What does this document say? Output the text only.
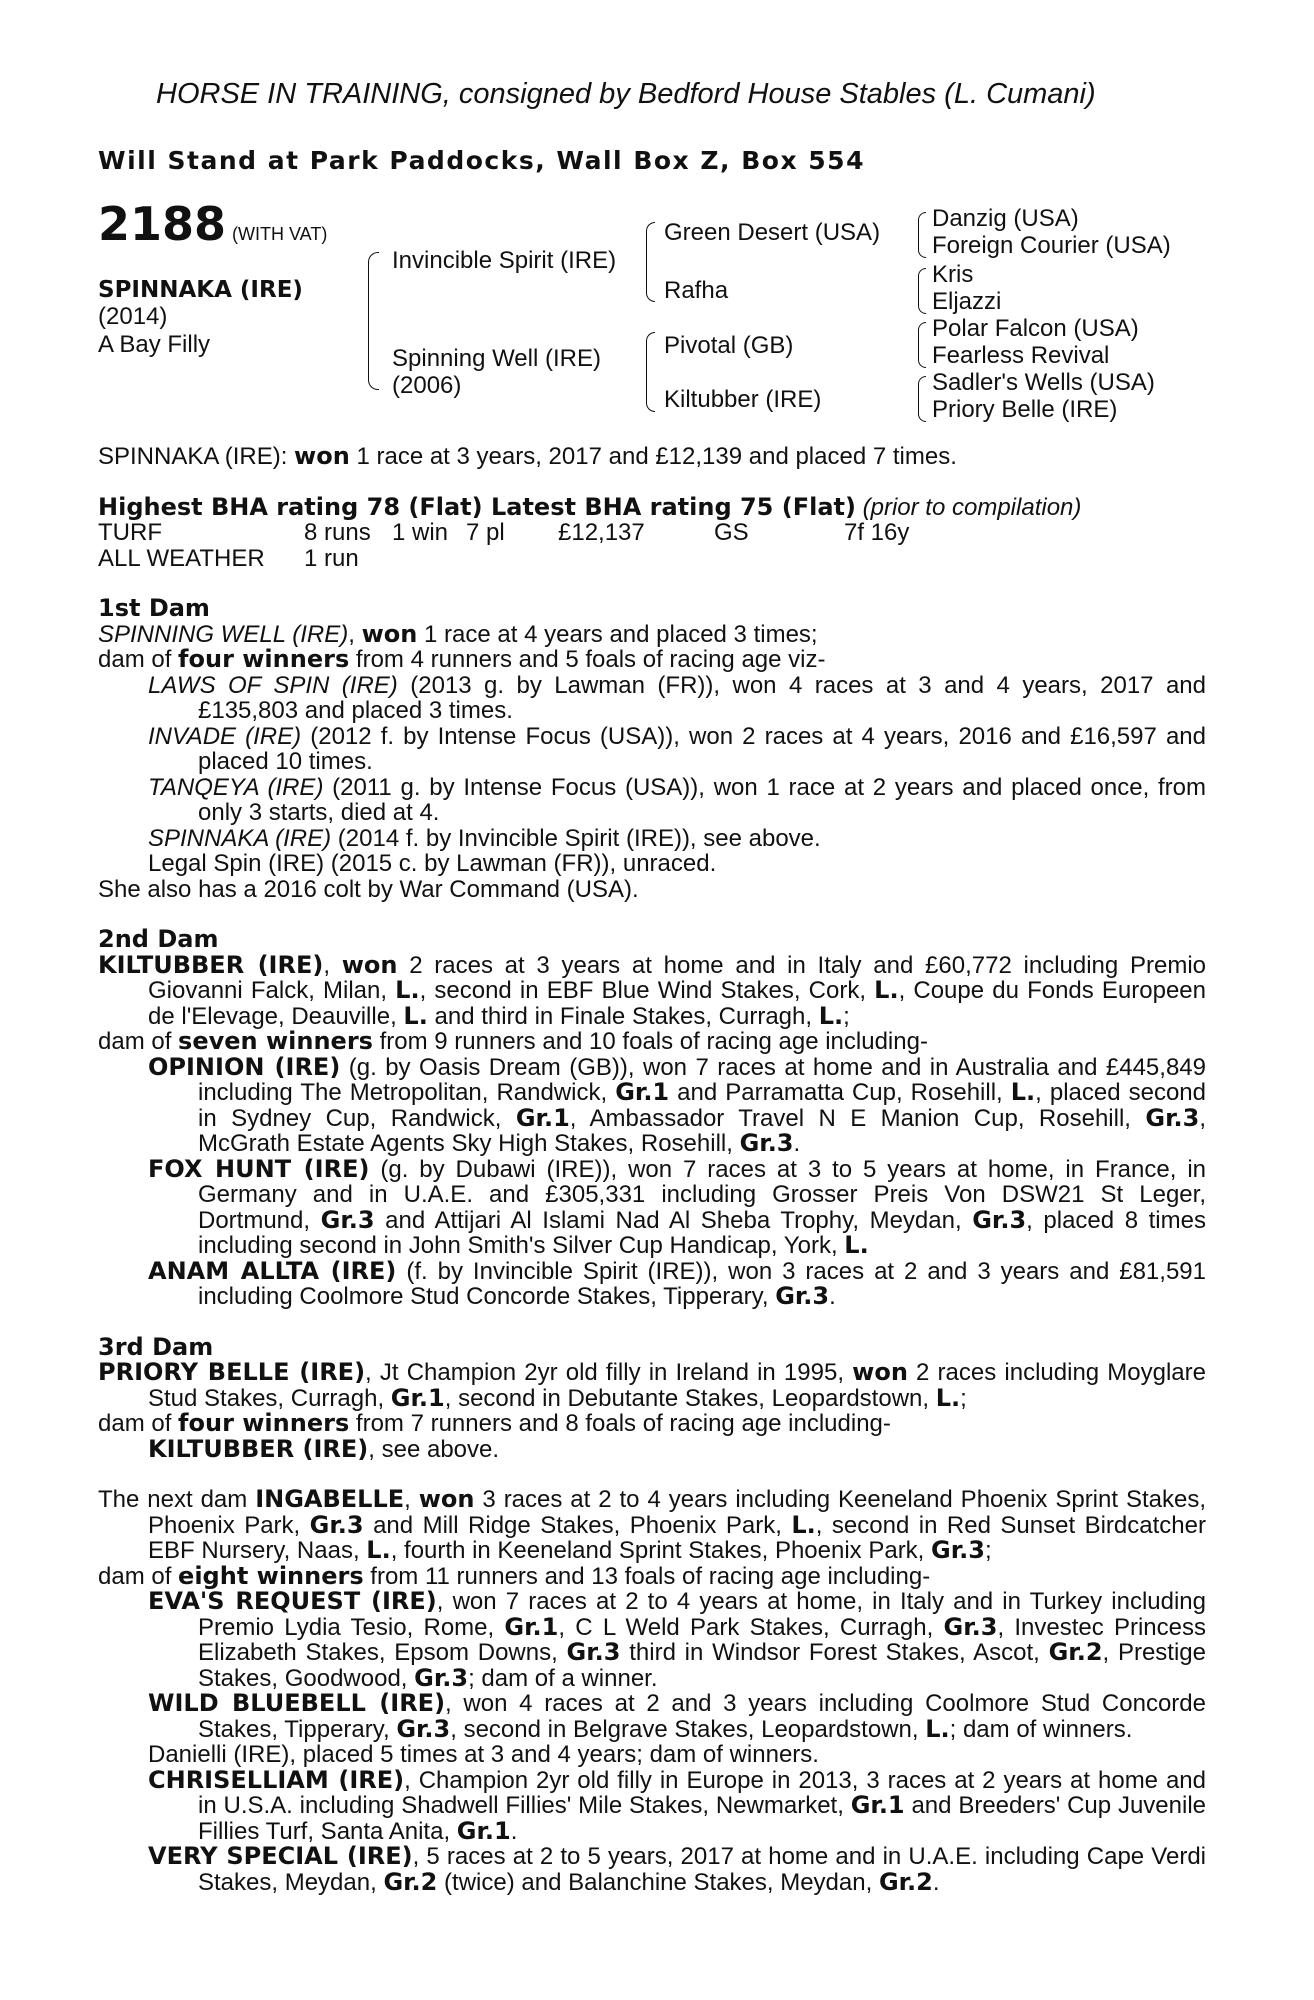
HORSE IN TRAINING, consigned by Bedford House Stables (L. Cumani)
Will Stand at Park Paddocks, Wall Box Z, Box 554
2188 (WITH VAT)
SPINNAKA (IRE)
(2014)
A Bay Filly
Invincible Spirit (IRE)
Spinning Well (IRE)
(2006)
Green Desert (USA)
Rafha
Pivotal (GB)
Kiltubber (IRE)
Danzig (USA)
Foreign Courier (USA)
Kris
Eljazzi
Polar Falcon (USA)
Fearless Revival
Sadler's Wells (USA)
Priory Belle (IRE)

SPINNAKA (IRE): won 1 race at 3 years, 2017 and £12,139 and placed 7 times.

Highest BHA rating 78 (Flat) Latest BHA rating 75 (Flat) (prior to compilation)

TURF	8 runs 1 win 7 pl £12,137	GS	7f 16y

ALL WEATHER 1 run

1st Dam

SPINNING WELL (IRE), won 1 race at 4 years and placed 3 times;

dam of four winners from 4 runners and 5 foals of racing age viz-

LAWS OF SPIN (IRE) (2013 g. by Lawman (FR)), won 4 races at 3 and 4 years, 2017 and £135,803 and placed 3 times.

INVADE (IRE) (2012 f. by Intense Focus (USA)), won 2 races at 4 years, 2016 and £16,597 and placed 10 times.

TANQEYA (IRE) (2011 g. by Intense Focus (USA)), won 1 race at 2 years and placed once, from only 3 starts, died at 4.

SPINNAKA (IRE) (2014 f. by Invincible Spirit (IRE)), see above.

Legal Spin (IRE) (2015 c. by Lawman (FR)), unraced.

She also has a 2016 colt by War Command (USA).

2nd Dam

KILTUBBER (IRE), won 2 races at 3 years at home and in Italy and £60,772 including Premio Giovanni Falck, Milan, L., second in EBF Blue Wind Stakes, Cork, L., Coupe du Fonds Europeen de l'Elevage, Deauville, L. and third in Finale Stakes, Curragh, L.;

dam of seven winners from 9 runners and 10 foals of racing age including-

OPINION (IRE) (g. by Oasis Dream (GB)), won 7 races at home and in Australia and £445,849 including The Metropolitan, Randwick, Gr.1 and Parramatta Cup, Rosehill, L., placed second in Sydney Cup, Randwick, Gr.1, Ambassador Travel N E Manion Cup, Rosehill, Gr.3, McGrath Estate Agents Sky High Stakes, Rosehill, Gr.3.

FOX HUNT (IRE) (g. by Dubawi (IRE)), won 7 races at 3 to 5 years at home, in France, in Germany and in U.A.E. and £305,331 including Grosser Preis Von DSW21 St Leger, Dortmund, Gr.3 and Attijari Al Islami Nad Al Sheba Trophy, Meydan, Gr.3, placed 8 times including second in John Smith's Silver Cup Handicap, York, L.

ANAM ALLTA (IRE) (f. by Invincible Spirit (IRE)), won 3 races at 2 and 3 years and £81,591 including Coolmore Stud Concorde Stakes, Tipperary, Gr.3.

3rd Dam

PRIORY BELLE (IRE), Jt Champion 2yr old filly in Ireland in 1995, won 2 races including Moyglare Stud Stakes, Curragh, Gr.1, second in Debutante Stakes, Leopardstown, L.;

dam of four winners from 7 runners and 8 foals of racing age including-

KILTUBBER (IRE), see above.

The next dam INGABELLE, won 3 races at 2 to 4 years including Keeneland Phoenix Sprint Stakes, Phoenix Park, Gr.3 and Mill Ridge Stakes, Phoenix Park, L., second in Red Sunset Birdcatcher EBF Nursery, Naas, L., fourth in Keeneland Sprint Stakes, Phoenix Park, Gr.3;

dam of eight winners from 11 runners and 13 foals of racing age including-

EVA'S REQUEST (IRE), won 7 races at 2 to 4 years at home, in Italy and in Turkey including Premio Lydia Tesio, Rome, Gr.1, C L Weld Park Stakes, Curragh, Gr.3, Investec Princess Elizabeth Stakes, Epsom Downs, Gr.3 third in Windsor Forest Stakes, Ascot, Gr.2, Prestige Stakes, Goodwood, Gr.3; dam of a winner.

WILD BLUEBELL (IRE), won 4 races at 2 and 3 years including Coolmore Stud Concorde Stakes, Tipperary, Gr.3, second in Belgrave Stakes, Leopardstown, L.; dam of winners.

Danielli (IRE), placed 5 times at 3 and 4 years; dam of winners.

CHRISELLIAM (IRE), Champion 2yr old filly in Europe in 2013, 3 races at 2 years at home and in U.S.A. including Shadwell Fillies' Mile Stakes, Newmarket, Gr.1 and Breeders' Cup Juvenile Fillies Turf, Santa Anita, Gr.1.

VERY SPECIAL (IRE), 5 races at 2 to 5 years, 2017 at home and in U.A.E. including Cape Verdi Stakes, Meydan, Gr.2 (twice) and Balanchine Stakes, Meydan, Gr.2.
